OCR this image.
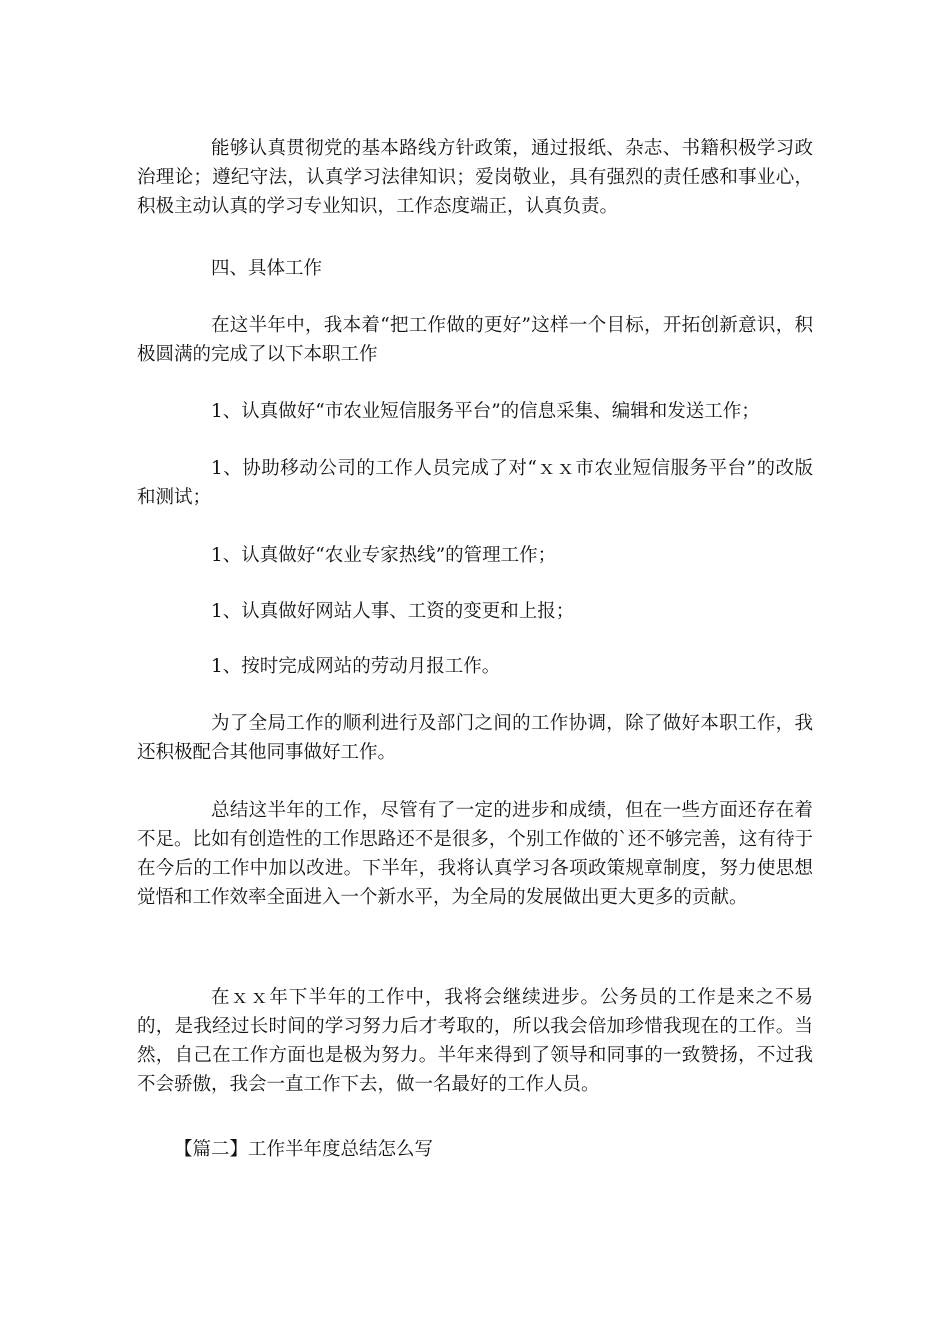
能够认真贯彻党的基本路线方针政策，通过报纸、杂志、书籍积极学习政治理论；遵纪守法，认真学习法律知识；爱岗敬业，具有强烈的责任感和事业心，积极主动认真的学习专业知识，工作态度端正，认真负责。

四、具体工作

在这半年中，我本着“把工作做的更好”这样一个目标，开拓创新意识，积极圆满的完成了以下本职工作

1、认真做好“市农业短信服务平台”的信息采集、编辑和发送工作；

1、协助移动公司的工作人员完成了对“ｘｘ市农业短信服务平台”的改版和测试；

1、认真做好“农业专家热线”的管理工作；

1、认真做好网站人事、工资的变更和上报；

1、按时完成网站的劳动月报工作。

为了全局工作的顺利进行及部门之间的工作协调，除了做好本职工作，我还积极配合其他同事做好工作。

总结这半年的工作，尽管有了一定的进步和成绩，但在一些方面还存在着不足。比如有创造性的工作思路还不是很多，个别工作做的`还不够完善，这有待于在今后的工作中加以改进。下半年，我将认真学习各项政策规章制度，努力使思想觉悟和工作效率全面进入一个新水平，为全局的发展做出更大更多的贡献。

在ｘｘ年下半年的工作中，我将会继续进步。公务员的工作是来之不易的，是我经过长时间的学习努力后才考取的，所以我会倍加珍惜我现在的工作。当然，自己在工作方面也是极为努力。半年来得到了领导和同事的一致赞扬，不过我不会骄傲，我会一直工作下去，做一名最好的工作人员。

【篇二】工作半年度总结怎么写
